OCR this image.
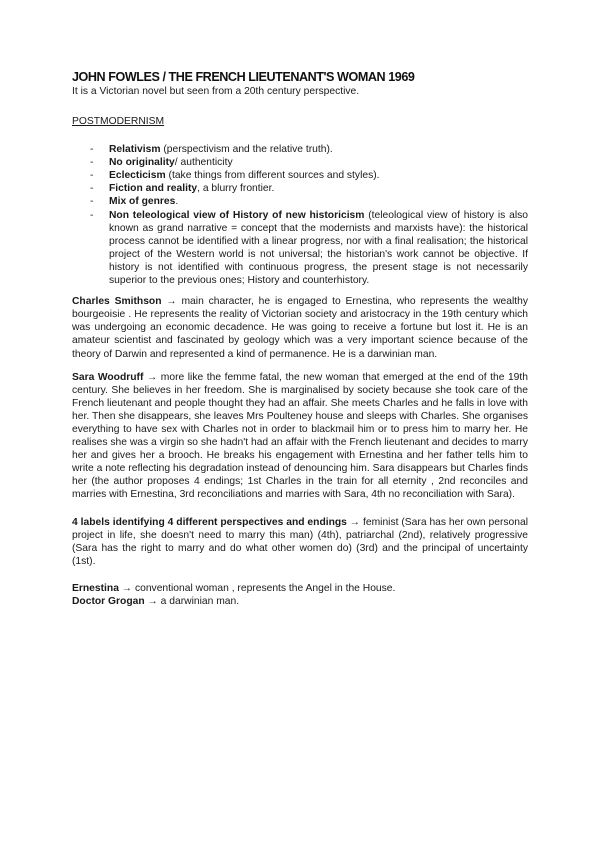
JOHN FOWLES / THE FRENCH LIEUTENANT'S WOMAN 1969

It is a Victorian novel but seen from a 20th century perspective.

POSTMODERNISM
- Relativism (perspectivism and the relative truth).
- No originality/ authenticity
- Eclecticism (take things from different sources and styles).
- Fiction and reality, a blurry frontier.
- Mix of genres.
- Non teleological view of History of new historicism (teleological view of history is also known as grand narrative = concept that the modernists and marxists have): the historical process cannot be identified with a linear progress, nor with a final realisation; the historical project of the Western world is not universal; the historian's work cannot be objective. If history is not identified with continuous progress, the present stage is not necessarily superior to the previous ones; History and counterhistory.

Charles Smithson → main character, he is engaged to Ernestina, who represents the wealthy bourgeoisie . He represents the reality of Victorian society and aristocracy in the 19th century which was undergoing an economic decadence. He was going to receive a fortune but lost it. He is an amateur scientist and fascinated by geology which was a very important science because of the theory of Darwin and represented a kind of permanence. He is a darwinian man.

Sara Woodruff → more like the femme fatal, the new woman that emerged at the end of the 19th century. She believes in her freedom. She is marginalised by society because she took care of the French lieutenant and people thought they had an affair. She meets Charles and he falls in love with her. Then she disappears, she leaves Mrs Poulteney house and sleeps with Charles. She organises everything to have sex with Charles not in order to blackmail him or to press him to marry her. He realises she was a virgin so she hadn't had an affair with the French lieutenant and decides to marry her and gives her a brooch. He breaks his engagement with Ernestina and her father tells him to write a note reflecting his degradation instead of denouncing him. Sara disappears but Charles finds her (the author proposes 4 endings; 1st Charles in the train for all eternity , 2nd reconciles and marries with Ernestina, 3rd reconciliations and marries with Sara, 4th no reconciliation with Sara).

4 labels identifying 4 different perspectives and endings → feminist (Sara has her own personal project in life, she doesn't need to marry this man) (4th), patriarchal (2nd), relatively progressive (Sara has the right to marry and do what other women do) (3rd) and the principal of uncertainty (1st).

Ernestina → conventional woman , represents the Angel in the House.
Doctor Grogan → a darwinian man.
